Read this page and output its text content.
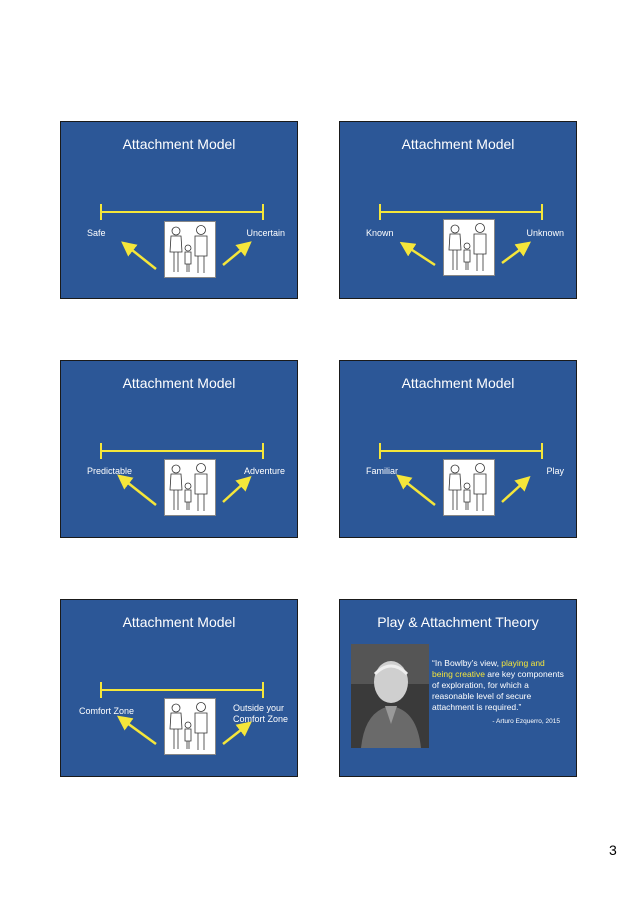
Attachment Model
Safe	Uncertain
Attachment Model
Known	Unknown
Attachment Model
Predictable	Adventure
Attachment Model
Familiar	Play
Attachment Model
Comfort Zone	Outside your Comfort Zone
Play & Attachment Theory
“In Bowlby’s view, playing and being creative are key components of exploration, for which a reasonable level of secure attachment is required.”
- Arturo Ezquerro, 2015
3
